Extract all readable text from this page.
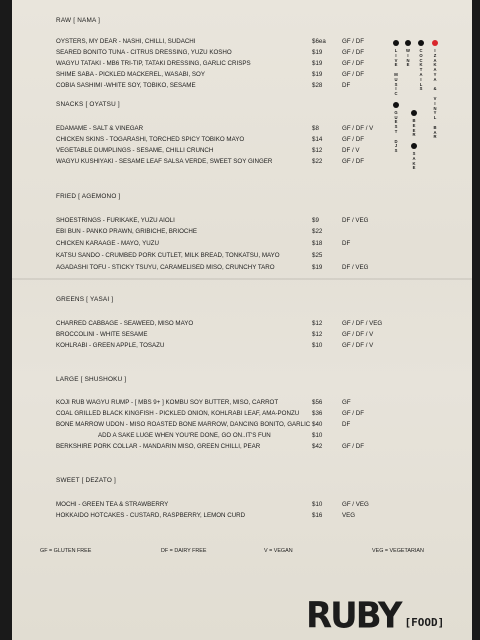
RAW [ NAMA ]
OYSTERS, MY DEAR - NASHI, CHILLI, SUDACHI	$6ea	GF / DF
SEARED BONITO TUNA - CITRUS DRESSING, YUZU KOSHO	$19	GF / DF
WAGYU TATAKI - MB6 TRI-TIP, TATAKI DRESSING, GARLIC CRISPS	$19	GF / DF
SHIME SABA - PICKLED MACKEREL, WASABI, SOY	$19	GF / DF
COBIA SASHIMI -WHITE SOY, TOBIKO, SESAME	$28	DF
SNACKS [ OYATSU ]
EDAMAME - SALT & VINEGAR	$8	GF / DF / V
CHICKEN SKINS - TOGARASHI, TORCHED SPICY TOBIKO MAYO	$14	GF / DF
VEGETABLE DUMPLINGS - SESAME, CHILLI CRUNCH	$12	DF / V
WAGYU KUSHIYAKI - SESAME LEAF SALSA VERDE, SWEET SOY GINGER	$22	GF / DF
FRIED [ AGEMONO ]
SHOESTRINGS - FURIKAKE, YUZU AIOLI	$9	DF / VEG
EBI BUN - PANKO PRAWN, GRIBICHE, BRIOCHE	$22
CHICKEN KARAAGE - MAYO, YUZU	$18	DF
KATSU SANDO - CRUMBED PORK CUTLET, MILK BREAD, TONKATSU, MAYO	$25
AGADASHI TOFU - STICKY TSUYU, CARAMELISED MISO, CRUNCHY TARO	$19	DF / VEG
GREENS [ YASAI ]
CHARRED CABBAGE - SEAWEED, MISO MAYO	$12	GF / DF / VEG
BROCCOLINI - WHITE SESAME	$12	GF / DF / V
KOHLRABI - GREEN APPLE, TOSAZU	$10	GF / DF / V
LARGE [ SHUSHOKU ]
KOJI RUB WAGYU RUMP - [ MBS 9+ ] KOMBU SOY BUTTER, MISO, CARROT	$56	GF
COAL GRILLED BLACK KINGFISH - PICKLED ONION, KOHLRABI LEAF, AMA-PONZU $36	GF / DF
BONE MARROW UDON - MISO ROASTED BONE MARROW, DANCING BONITO, GARLIC $40	DF
ADD A SAKE LUGE WHEN YOU'RE DONE, GO ON..IT'S FUN	$10
BERKSHIRE PORK COLLAR - MANDARIN MISO, GREEN CHILLI, PEAR	$42	GF / DF
SWEET [ DEZATO ]
MOCHI - GREEN TEA & STRAWBERRY	$10	GF / VEG
HOKKAIDO HOTCAKES - CUSTARD, RASPBERRY, LEMON CURD	$16	VEG
GF = GLUTEN FREE	DF = DAIRY FREE	V = VEGAN	VEG = VEGETARIAN
L
I
V
E

M
U
S
I
C

G
U
E
S
T

D
J
S
W
I
N
E
B
E
E
R

S
A
K
E
C
O
C
K
T
A
I
L
S
I
Z
A
K
A
Y
A

&

V
I
N
Y
L

B
A
R
RUBY [FOOD]
